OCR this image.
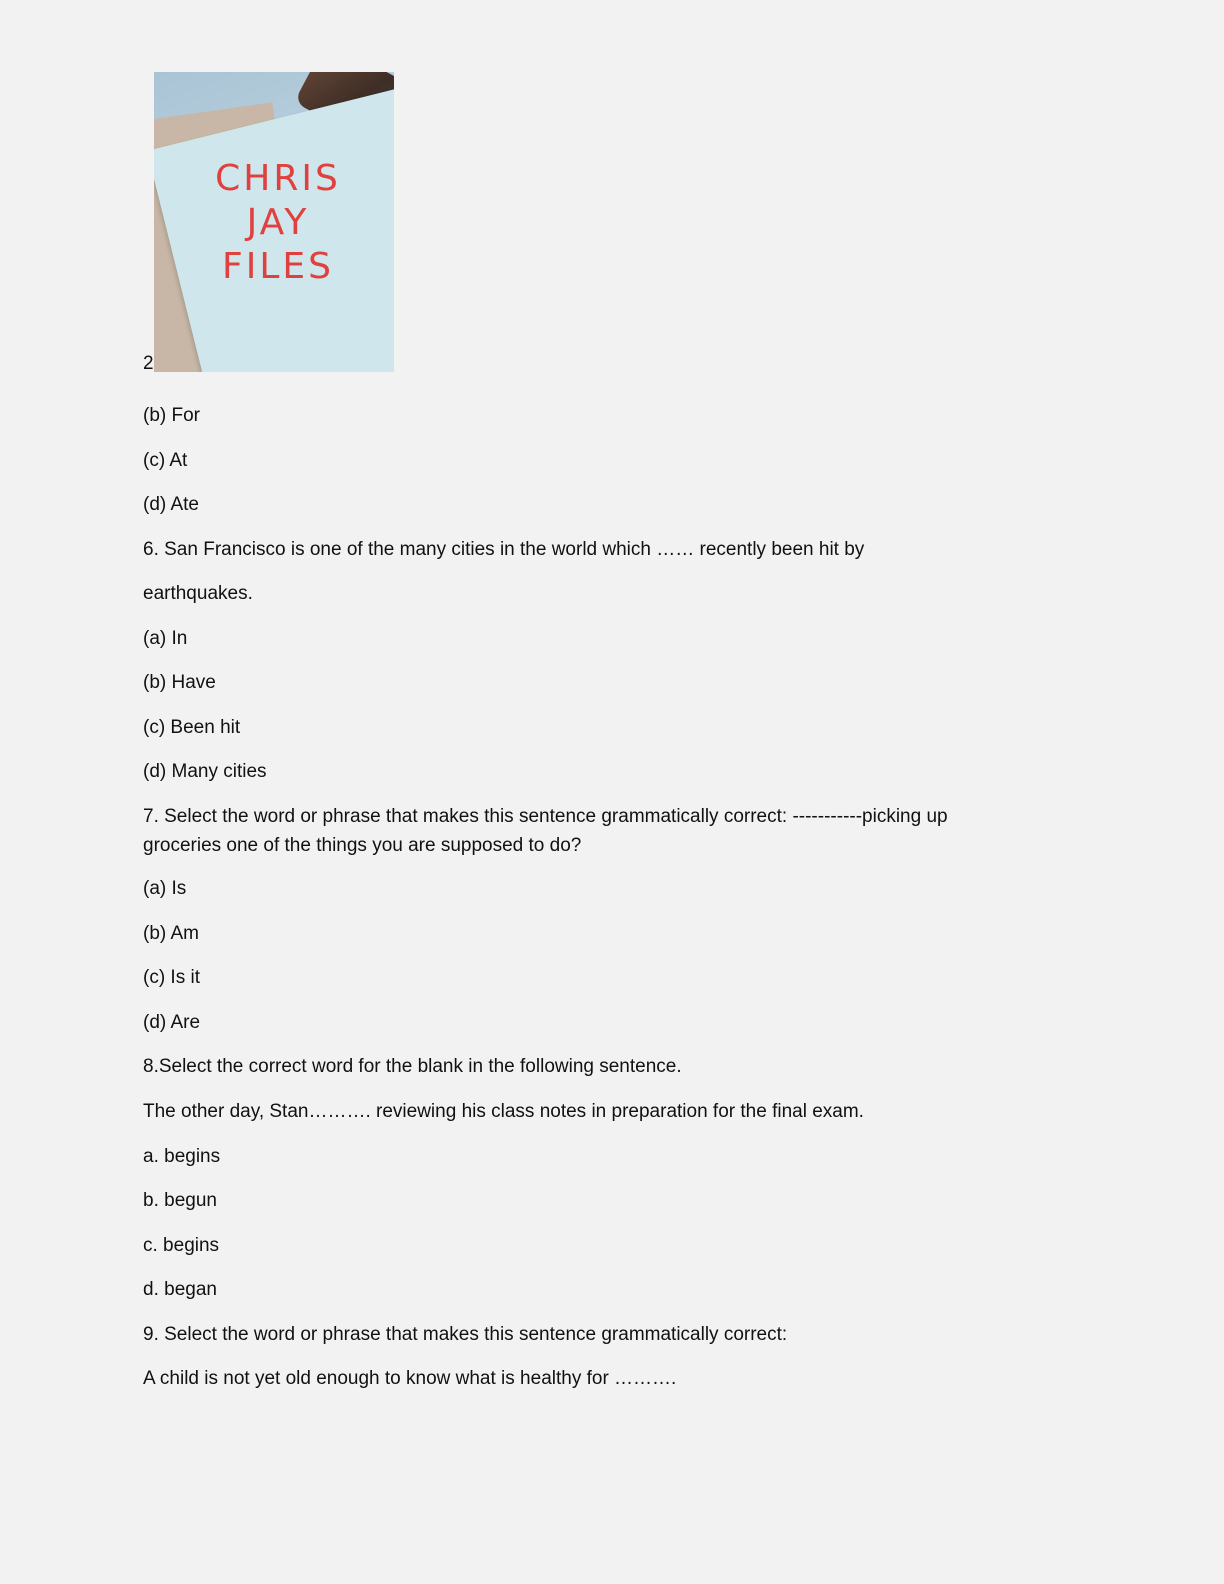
2
CHRIS
JAY
FILES
(b) For
(c) At
(d) Ate
6. San Francisco is one of the many cities in the world which …… recently been hit by
earthquakes.
(a) In
(b) Have
(c) Been hit
(d) Many cities
7. Select the word or phrase that makes this sentence grammatically correct: -----------picking up groceries one of the things you are supposed to do?
(a) Is
(b) Am
(c) Is it
(d) Are
8.Select the correct word for the blank in the following sentence.
The other day, Stan………. reviewing his class notes in preparation for the final exam.
a. begins
b. begun
c. begins
d. began
9. Select the word or phrase that makes this sentence grammatically correct:
A child is not yet old enough to know what is healthy for ……….
